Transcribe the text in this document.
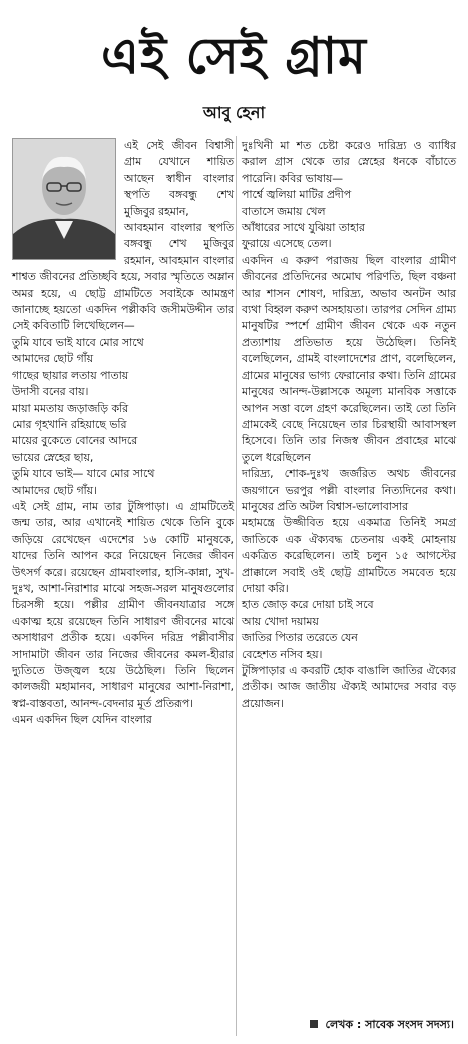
এই সেই গ্রাম
আবু হেনা

এই সেই জীবন বিশ্বাসী গ্রাম যেখানে শায়িত আছেন স্বাধীন বাংলার স্থপতি বঙ্গবন্ধু শেখ মুজিবুর রহমান,

আবহমান বাংলার স্থপতি বঙ্গবন্ধু শেখ মুজিবুর রহমান, আবহমান বাংলার শাশ্বত জীবনের প্রতিচ্ছবি হয়ে, সবার স্মৃতিতে অম্লান অমর হয়ে, এ ছোট্ট গ্রামটিতে সবাইকে আমন্ত্রণ জানাচ্ছে হয়তো একদিন পল্লীকবি জসীমউদ্দীন তার সেই কবিতাটি লিখেছিলেন—

তুমি যাবে ভাই যাবে মোর সাথে
আমাদের ছোট গাঁয়
গাছের ছায়ার লতায় পাতায়
উদাসী বনের বায়।
মায়া মমতায় জড়াজড়ি করি
মোর গৃহখানি রহিয়াছে ভরি
মায়ের বুকেতে বোনের আদরে
ভায়ের স্নেহের ছায়,
তুমি যাবে ভাই— যাবে মোর সাথে
আমাদের ছোট গাঁয়।

এই সেই গ্রাম, নাম তার টুঙ্গিপাড়া। এ গ্রামটিতেই জন্ম তার, আর এখানেই শায়িত থেকে তিনি বুকে জড়িয়ে রেখেছেন এদেশের ১৬ কোটি মানুষকে, যাদের তিনি আপন করে নিয়েছেন নিজের জীবন উৎসর্গ করে। রয়েছেন গ্রামবাংলার, হাসি-কান্না, সুখ-দুঃখ, আশা-নিরাশার মাঝে সহজ-সরল মানুষগুলোর চিরসঙ্গী হয়ে। পল্লীর গ্রামীণ জীবনযাত্রার সঙ্গে একাত্ম হয়ে রয়েছেন তিনি সাধারণ জীবনের মাঝে অসাধারণ প্রতীক হয়ে। একদিন দরিদ্র পল্লীবাসীর সাদামাটা জীবন তার নিজের জীবনের কমল-হীরার দ্যুতিতে উজ্জ্বল হয়ে উঠেছিল। তিনি ছিলেন কালজয়ী মহামানব, সাধারণ মানুষের আশা-নিরাশা, স্বপ্ন-বাস্তবতা, আনন্দ-বেদনার মূর্ত প্রতিরূপ।

এমন একদিন ছিল যেদিন বাংলার

দুঃখিনী মা শত চেষ্টা করেও দারিদ্র্য ও ব্যাধির করাল গ্রাস থেকে তার স্নেহের ধনকে বাঁচাতে পারেনি। কবির ভাষায়—

পার্শ্বে জ্বলিয়া মাটির প্রদীপ
বাতাসে জমায় খেল
আঁধারের সাথে যুঝিয়া তাহার
ফুরায়ে এসেছে তেল।

একদিন এ করুণ পরাজয় ছিল বাংলার গ্রামীণ জীবনের প্রতিদিনের অমোঘ পরিণতি, ছিল বঞ্চনা আর শাসন শোষণ, দারিদ্র্য, অভাব অনটন আর ব্যথা বিহ্বল করুণ অসহায়তা। তারপর সেদিন গ্রাম্য মানুষটির স্পর্শে গ্রামীণ জীবন থেকে এক নতুন প্রত্যাশায় প্রতিভাত হয়ে উঠেছিল। তিনিই বলেছিলেন, গ্রামই বাংলাদেশের প্রাণ, বলেছিলেন, গ্রামের মানুষের ভাগ্য ফেরানোর কথা। তিনি গ্রামের মানুষের আনন্দ-উল্লাসকে অমূল্য মানবিক সত্তাকে আপন সত্তা বলে গ্রহণ করেছিলেন। তাই তো তিনি গ্রামকেই বেছে নিয়েছেন তার চিরস্থায়ী আবাসস্থল হিসেবে। তিনি তার নিজস্ব জীবন প্রবাহের মাঝে তুলে ধরেছিলেন

দারিদ্র্য, শোক-দুঃখ জর্জরিত অথচ জীবনের জয়গানে ভরপুর পল্লী বাংলার নিত্যদিনের কথা। মানুষের প্রতি অটল বিশ্বাস-ভালোবাসার

মহামন্ত্রে উজ্জীবিত হয়ে একমাত্র তিনিই সমগ্র জাতিকে এক ঐক্যবদ্ধ চেতনায় একই মোহনায় একত্রিত করেছিলেন। তাই চলুন ১৫ আগস্টের প্রাক্কালে সবাই ওই ছোট্ট গ্রামটিতে সমবেত হয়ে দোয়া করি।

হাত জোড় করে দোয়া চাই সবে
আয় খোদা দয়াময়
জাতির পিতার তরেতে যেন
বেহেশত নসিব হয়।

টুঙ্গিপাড়ার এ কবরটি হোক বাঙালি জাতির ঐক্যের প্রতীক। আজ জাতীয় ঐক্যই আমাদের সবার বড় প্রয়োজন।

লেখক : সাবেক সংসদ সদস্য।
